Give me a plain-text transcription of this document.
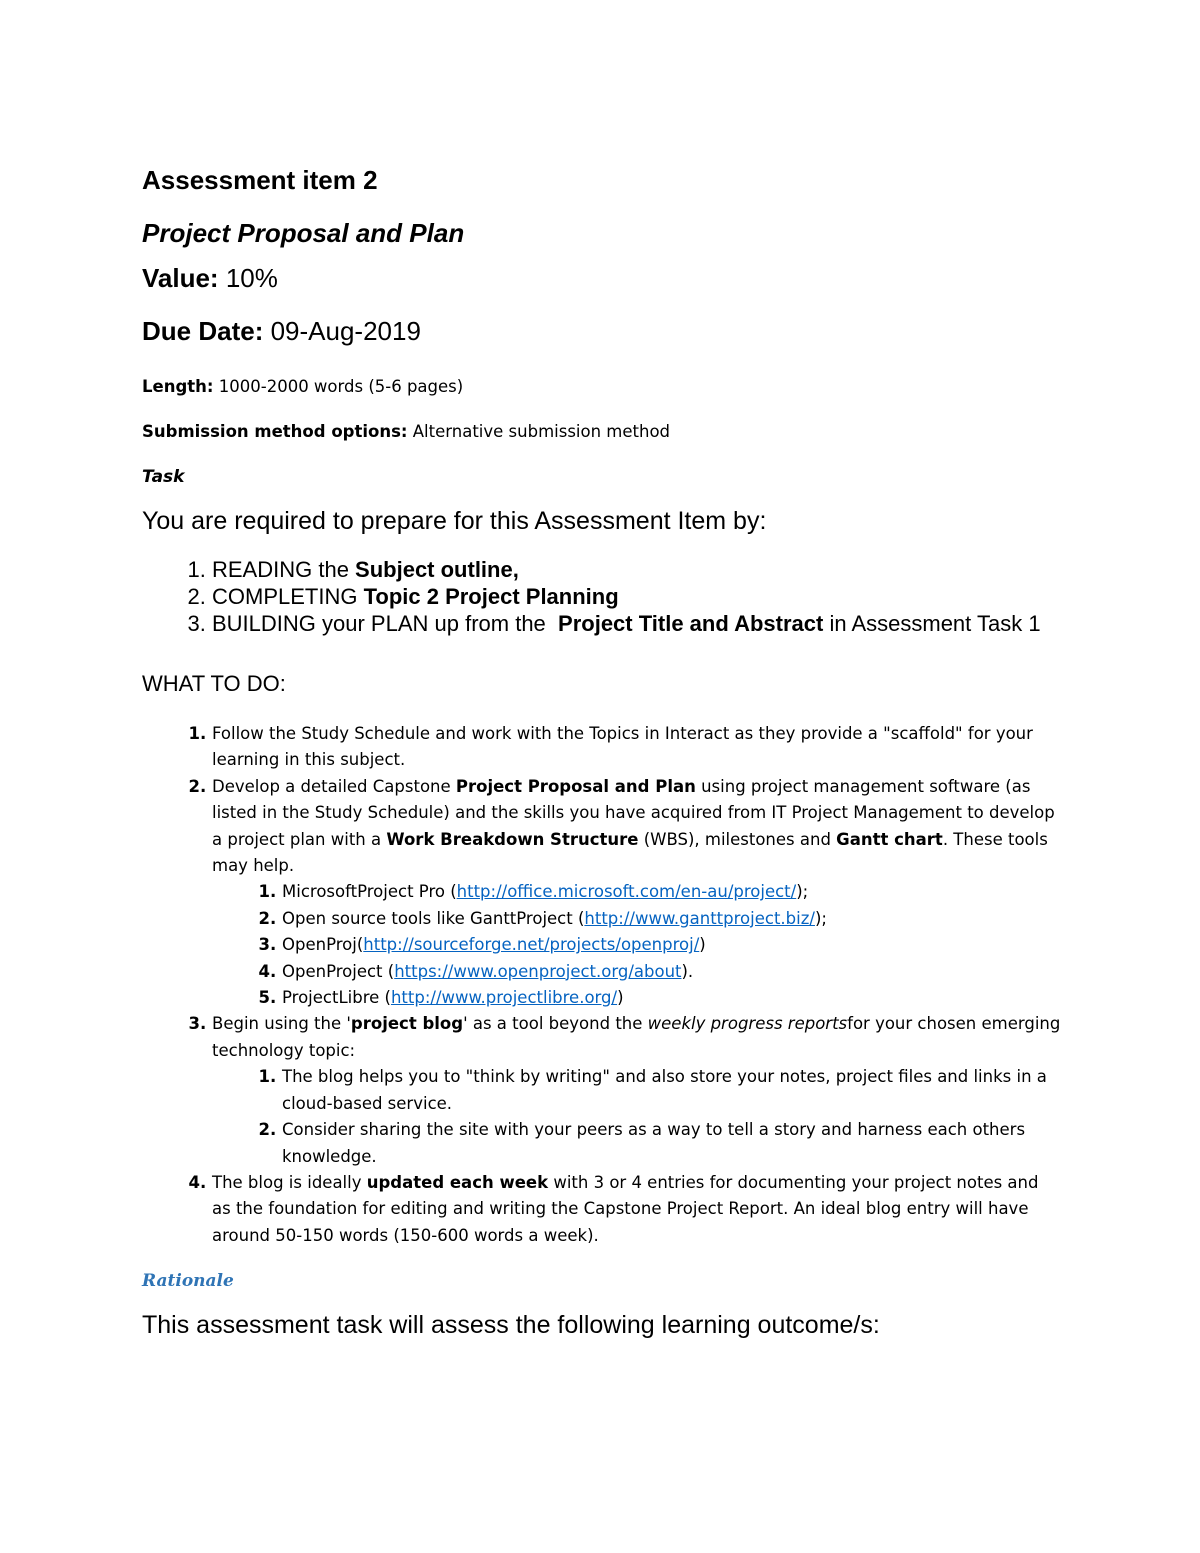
Assessment item 2

Project Proposal and Plan

Value: 10%

Due Date: 09-Aug-2019

Length: 1000-2000 words (5-6 pages)

Submission method options: Alternative submission method

Task

You are required to prepare for this Assessment Item by:

1. READING the Subject outline,
2. COMPLETING Topic 2 Project Planning
3. BUILDING your PLAN up from the  Project Title and Abstract in Assessment Task 1

WHAT TO DO:

1. Follow the Study Schedule and work with the Topics in Interact as they provide a "scaffold" for your learning in this subject.
2. Develop a detailed Capstone Project Proposal and Plan using project management software (as listed in the Study Schedule) and the skills you have acquired from IT Project Management to develop a project plan with a Work Breakdown Structure (WBS), milestones and Gantt chart. These tools may help.
1. MicrosoftProject Pro (http://office.microsoft.com/en-au/project/);
2. Open source tools like GanttProject (http://www.ganttproject.biz/);
3. OpenProj(http://sourceforge.net/projects/openproj/)
4. OpenProject (https://www.openproject.org/about).
5. ProjectLibre (http://www.projectlibre.org/)
3. Begin using the 'project blog' as a tool beyond the weekly progress reportsfor your chosen emerging technology topic:
1. The blog helps you to "think by writing" and also store your notes, project files and links in a cloud-based service.
2. Consider sharing the site with your peers as a way to tell a story and harness each others knowledge.
4. The blog is ideally updated each week with 3 or 4 entries for documenting your project notes and as the foundation for editing and writing the Capstone Project Report. An ideal blog entry will have around 50-150 words (150-600 words a week).

Rationale

This assessment task will assess the following learning outcome/s:
